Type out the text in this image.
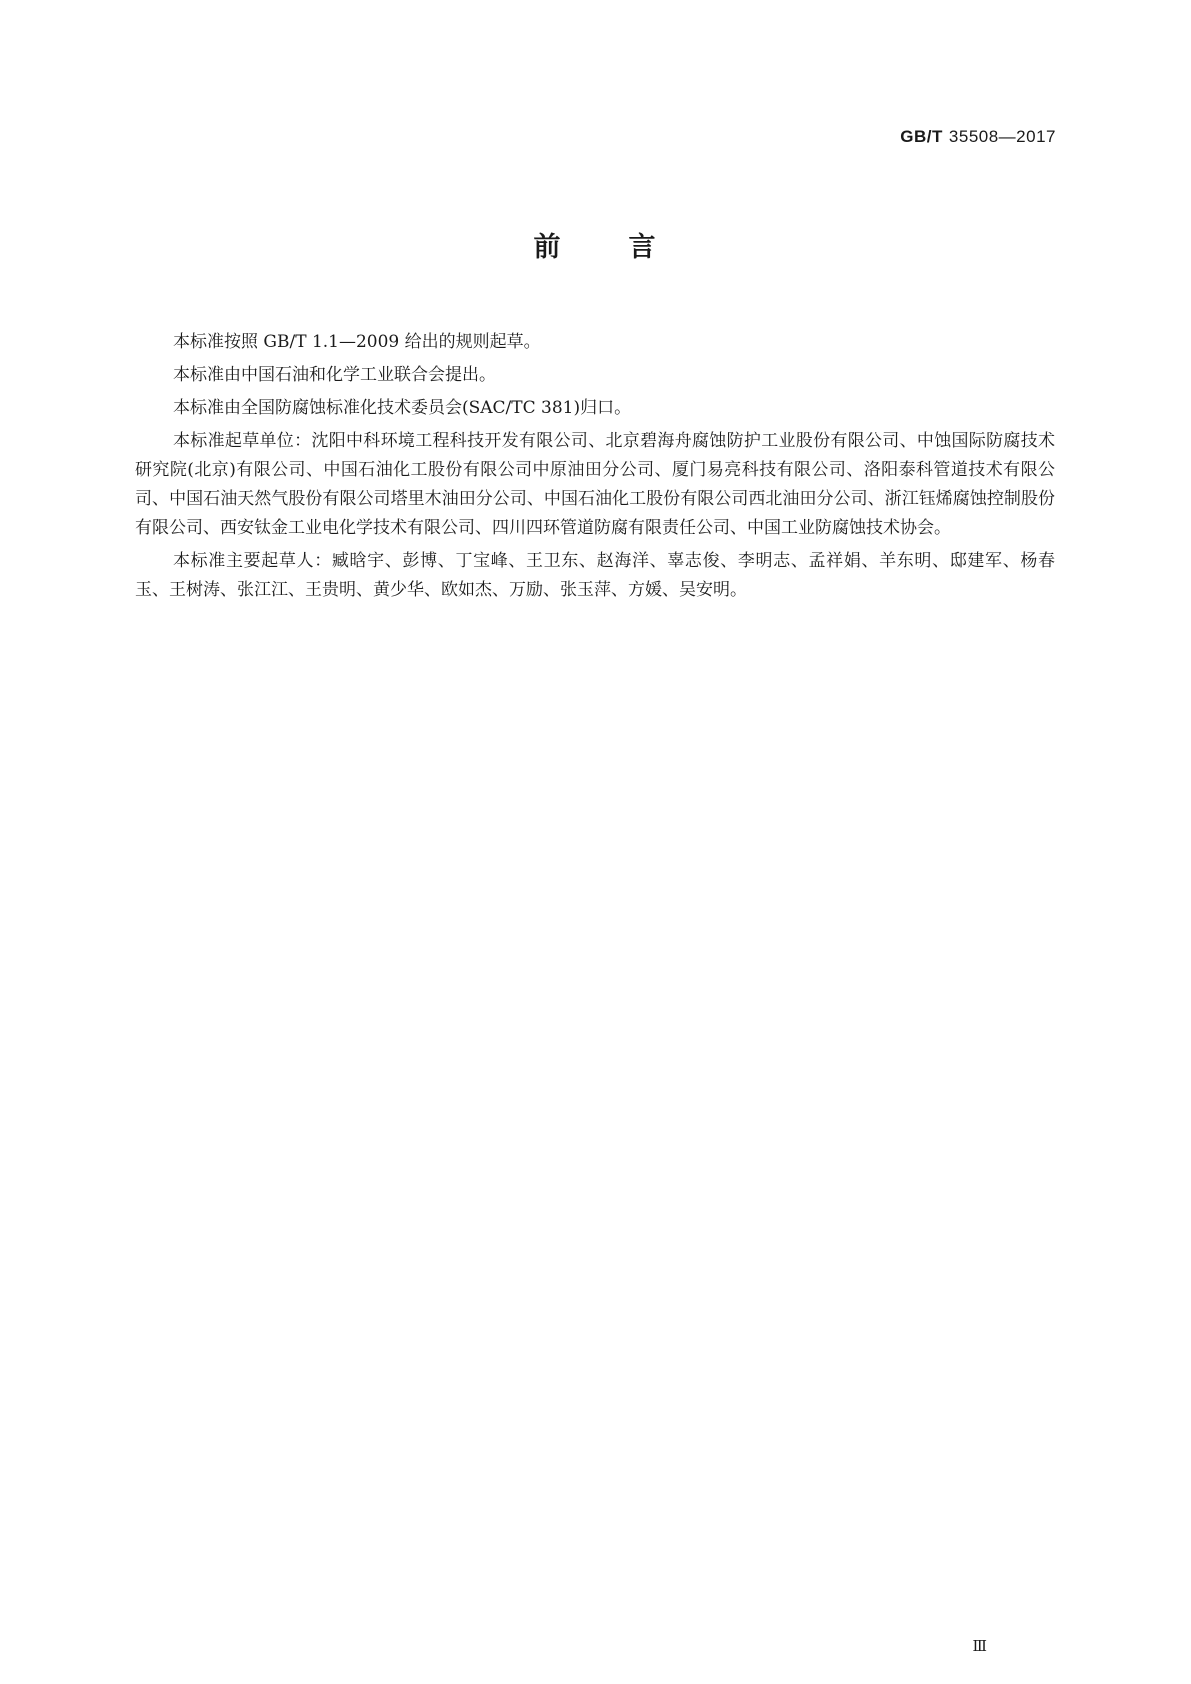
GB/T 35508—2017
前 言

本标准按照 GB/T 1.1—2009 给出的规则起草。

本标准由中国石油和化学工业联合会提出。

本标准由全国防腐蚀标准化技术委员会(SAC/TC 381)归口。

本标准起草单位：沈阳中科环境工程科技开发有限公司、北京碧海舟腐蚀防护工业股份有限公司、中蚀国际防腐技术研究院(北京)有限公司、中国石油化工股份有限公司中原油田分公司、厦门易亮科技有限公司、洛阳泰科管道技术有限公司、中国石油天然气股份有限公司塔里木油田分公司、中国石油化工股份有限公司西北油田分公司、浙江钰烯腐蚀控制股份有限公司、西安钛金工业电化学技术有限公司、四川四环管道防腐有限责任公司、中国工业防腐蚀技术协会。

本标准主要起草人：臧晗宇、彭博、丁宝峰、王卫东、赵海洋、辜志俊、李明志、孟祥娟、羊东明、邸建军、杨春玉、王树涛、张江江、王贵明、黄少华、欧如杰、万励、张玉萍、方媛、吴安明。

Ⅲ
